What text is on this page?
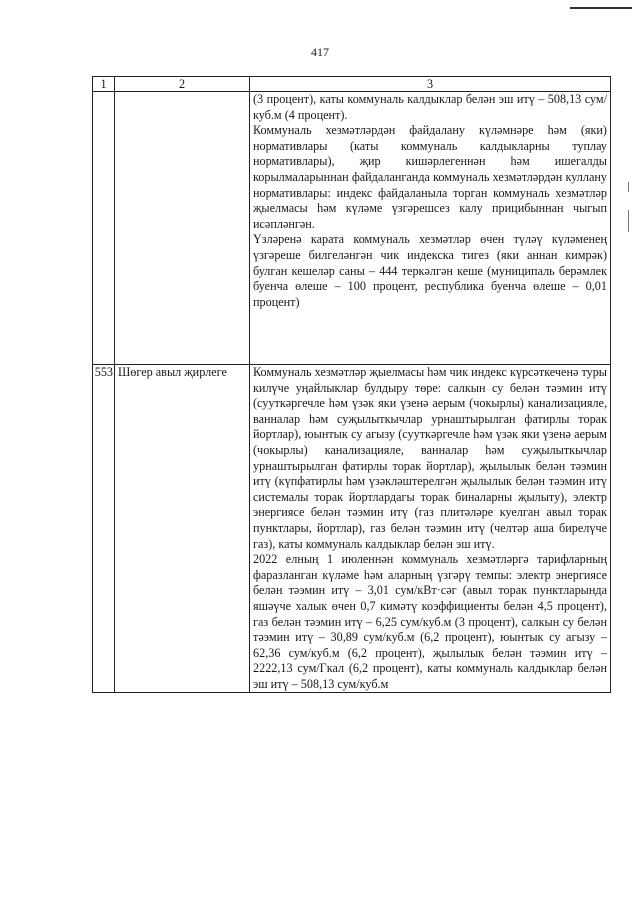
417
1	2	3

		(3 процент), каты коммуналь калдыклар белән эш итү – 508,13 сум/куб.м (4 процент).
Коммуналь хезмәтләрдән файдалану күләмнәре һәм (яки) нормативлары (каты коммуналь калдыкларны туплау нормативлары), җир кишәрлегеннән һәм ишегалды корылмаларыннан файдаланганда коммуналь хезмәтләрдән куллану нормативлары: индекс файдаланыла торган коммуналь хезмәтләр җыелмасы һәм күләме үзгәрешсез калу прицибыннан чыгып исәпләнгән.
Үзләренә карата коммуналь хезмәтләр өчен түләү күләменең үзгәреше билгеләнгән чик индекска тигез (яки аннан кимрәк) булган кешеләр саны – 444 теркәлгән кеше (муниципаль берәмлек буенча өлеше – 100 процент, республика буенча өлеше – 0,01 процент)

553	Шөгер авыл җирлеге	Коммуналь хезмәтләр җыелмасы һәм чик индекс күрсәткеченә туры килүче уңайлыклар булдыру төре: салкын су белән тәэмин итү (сууткәргечле һәм үзәк яки үзенә аерым (чокырлы) канализацияле, ванналар һәм суҗылыткычлар урнаштырылган фатирлы торак йортлар), юынтык су агызу (сууткәргечле һәм үзәк яки үзенә аерым (чокырлы) канализацияле, ванналар һәм суҗылыткычлар урнаштырылган фатирлы торак йортлар), җылылык белән тәэмин итү (күпфатирлы һәм үзәкләштерелгән җылылык белән тәэмин итү системалы торак йортлардагы торак биналарны җылыту), электр энергиясе белән тәэмин итү (газ плитәләре куелган авыл торак пунктлары, йортлар), газ белән тәэмин итү (челтәр аша бирелүче газ), каты коммуналь калдыклар белән эш итү.
2022 елның 1 июленнән коммуналь хезмәтләргә тарифларның фаразланган күләме һәм аларның үзгәрү темпы: электр энергиясе белән тәэмин итү – 3,01 сум/кВт·сәг (авыл торак пунктларында яшәүче халык өчен 0,7 кимәтү коэффициенты белән 4,5 процент), газ белән тәэмин итү – 6,25 сум/куб.м (3 процент), салкын су белән тәэмин итү – 30,89 сум/куб.м (6,2 процент), юынтык су агызу – 62,36 сум/куб.м (6,2 процент), җылылык белән тәэмин итү – 2222,13 сум/Гкал (6,2 процент), каты коммуналь калдыклар белән эш итү – 508,13 сум/куб.м
